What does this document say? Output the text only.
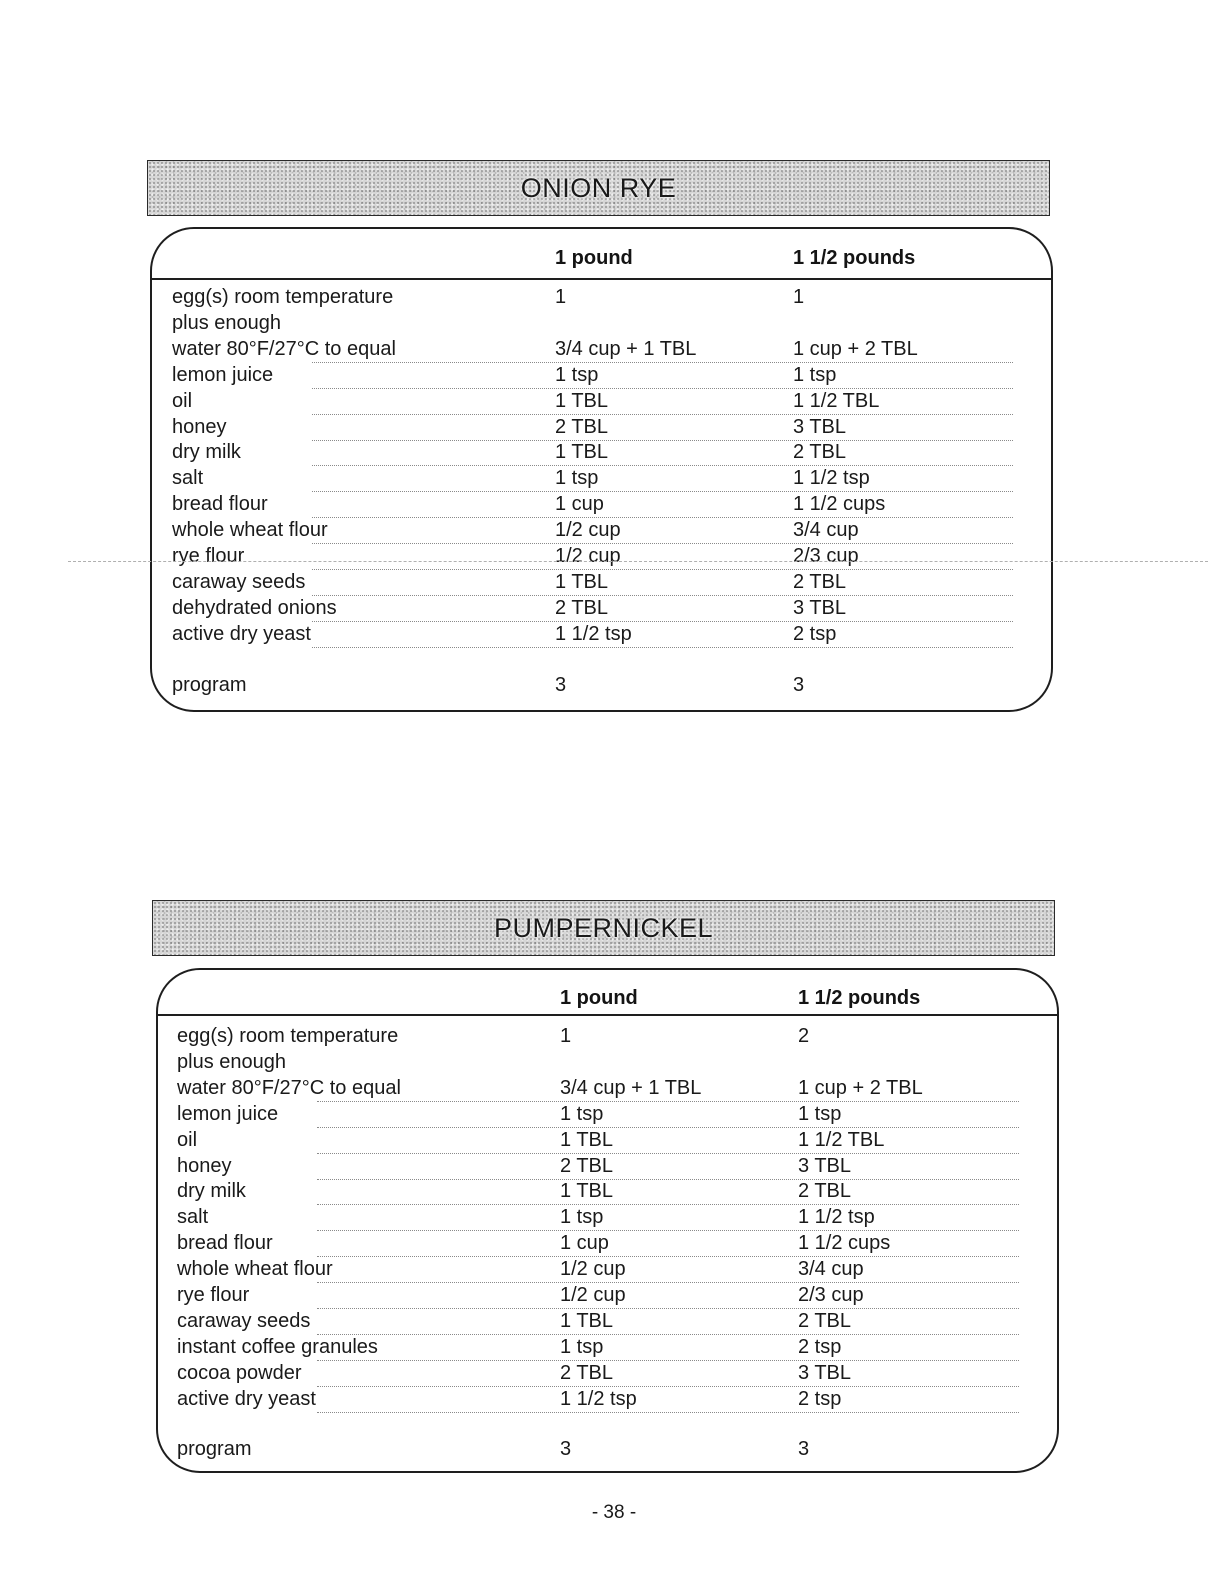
ONION RYE
1 pound	1 1/2 pounds
egg(s) room temperature	1	1
plus enough
water 80°F/27°C to equal	3/4 cup + 1 TBL	1 cup + 2 TBL
lemon juice	1 tsp	1 tsp
oil	1 TBL	1 1/2 TBL
honey	2 TBL	3 TBL
dry milk	1 TBL	2 TBL
salt	1 tsp	1 1/2 tsp
bread flour	1 cup	1 1/2 cups
whole wheat flour	1/2 cup	3/4 cup
rye flour	1/2 cup	2/3 cup
caraway seeds	1 TBL	2 TBL
dehydrated onions	2 TBL	3 TBL
active dry yeast	1 1/2 tsp	2 tsp
program	3	3
PUMPERNICKEL
1 pound	1 1/2 pounds
egg(s) room temperature	1	2
plus enough
water 80°F/27°C to equal	3/4 cup + 1 TBL	1 cup + 2 TBL
lemon juice	1 tsp	1 tsp
oil	1 TBL	1 1/2 TBL
honey	2 TBL	3 TBL
dry milk	1 TBL	2 TBL
salt	1 tsp	1 1/2 tsp
bread flour	1 cup	1 1/2 cups
whole wheat flour	1/2 cup	3/4 cup
rye flour	1/2 cup	2/3 cup
caraway seeds	1 TBL	2 TBL
instant coffee granules	1 tsp	2 tsp
cocoa powder	2 TBL	3 TBL
active dry yeast	1 1/2 tsp	2 tsp
program	3	3
- 38 -
